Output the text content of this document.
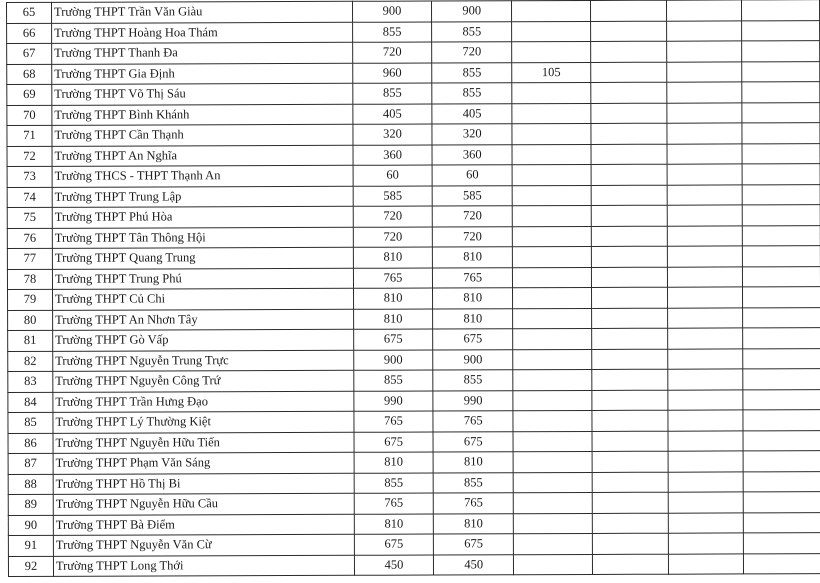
65	Trường THPT Trần Văn Giàu	900	900				
66	Trường THPT Hoàng Hoa Thám	855	855				
67	Trường THPT Thanh Đa	720	720				
68	Trường THPT Gia Định	960	855	105			
69	Trường THPT Võ Thị Sáu	855	855				
70	Trường THPT Bình Khánh	405	405				
71	Trường THPT Cần Thạnh	320	320				
72	Trường THPT An Nghĩa	360	360				
73	Trường THCS - THPT Thạnh An	60	60				
74	Trường THPT Trung Lập	585	585				
75	Trường THPT Phú Hòa	720	720				
76	Trường THPT Tân Thông Hội	720	720				
77	Trường THPT Quang Trung	810	810				
78	Trường THPT Trung Phú	765	765				
79	Trường THPT Củ Chi	810	810				
80	Trường THPT An Nhơn Tây	810	810				
81	Trường THPT Gò Vấp	675	675				
82	Trường THPT Nguyễn Trung Trực	900	900				
83	Trường THPT Nguyễn Công Trứ	855	855				
84	Trường THPT Trần Hưng Đạo	990	990				
85	Trường THPT Lý Thường Kiệt	765	765				
86	Trường THPT Nguyễn Hữu Tiến	675	675				
87	Trường THPT Phạm Văn Sáng	810	810				
88	Trường THPT Hồ Thị Bi	855	855				
89	Trường THPT Nguyễn Hữu Cầu	765	765				
90	Trường THPT Bà Điểm	810	810				
91	Trường THPT Nguyễn Văn Cừ	675	675				
92	Trường THPT Long Thới	450	450				
